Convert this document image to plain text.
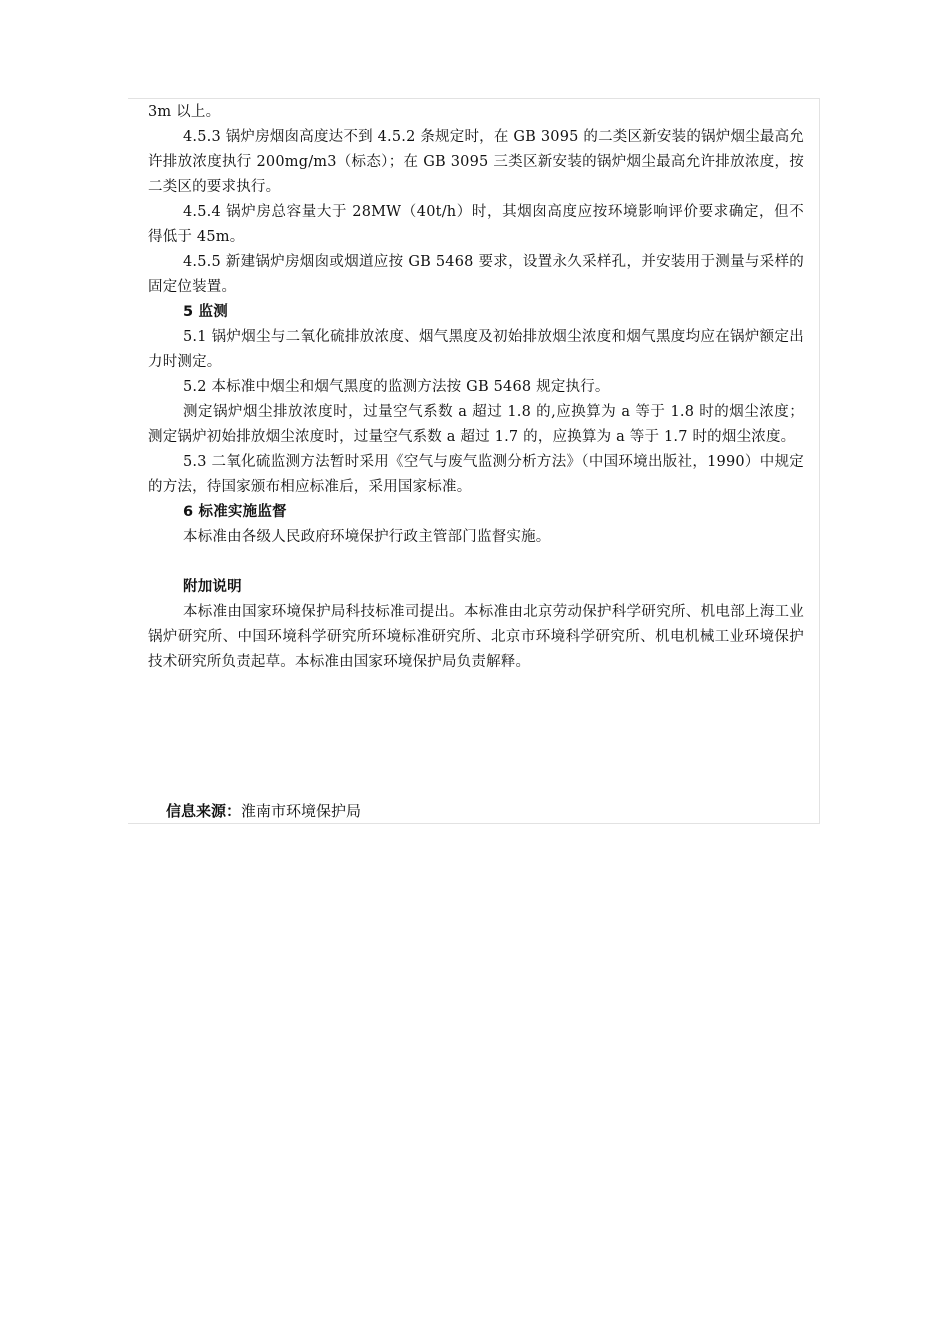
3m 以上。

4.5.3 锅炉房烟囱高度达不到 4.5.2 条规定时，在 GB 3095 的二类区新安装的锅炉烟尘最高允许排放浓度执行 200mg/m3（标态）；在 GB 3095 三类区新安装的锅炉烟尘最高允许排放浓度，按二类区的要求执行。

4.5.4 锅炉房总容量大于 28MW（40t/h）时，其烟囱高度应按环境影响评价要求确定，但不得低于 45m。

4.5.5 新建锅炉房烟囱或烟道应按 GB 5468 要求，设置永久采样孔，并安装用于测量与采样的固定位装置。

5 监测

5.1 锅炉烟尘与二氧化硫排放浓度、烟气黑度及初始排放烟尘浓度和烟气黑度均应在锅炉额定出力时测定。

5.2 本标准中烟尘和烟气黑度的监测方法按 GB 5468 规定执行。

测定锅炉烟尘排放浓度时，过量空气系数 a 超过 1.8 的,应换算为 a 等于 1.8 时的烟尘浓度；测定锅炉初始排放烟尘浓度时，过量空气系数 a 超过 1.7 的，应换算为 a 等于 1.7 时的烟尘浓度。

5.3 二氧化硫监测方法暂时采用《空气与废气监测分析方法》（中国环境出版社，1990）中规定的方法，待国家颁布相应标准后，采用国家标准。

6 标准实施监督

本标准由各级人民政府环境保护行政主管部门监督实施。

附加说明

本标准由国家环境保护局科技标准司提出。本标准由北京劳动保护科学研究所、机电部上海工业锅炉研究所、中国环境科学研究所环境标准研究所、北京市环境科学研究所、机电机械工业环境保护技术研究所负责起草。本标准由国家环境保护局负责解释。

信息来源：淮南市环境保护局
